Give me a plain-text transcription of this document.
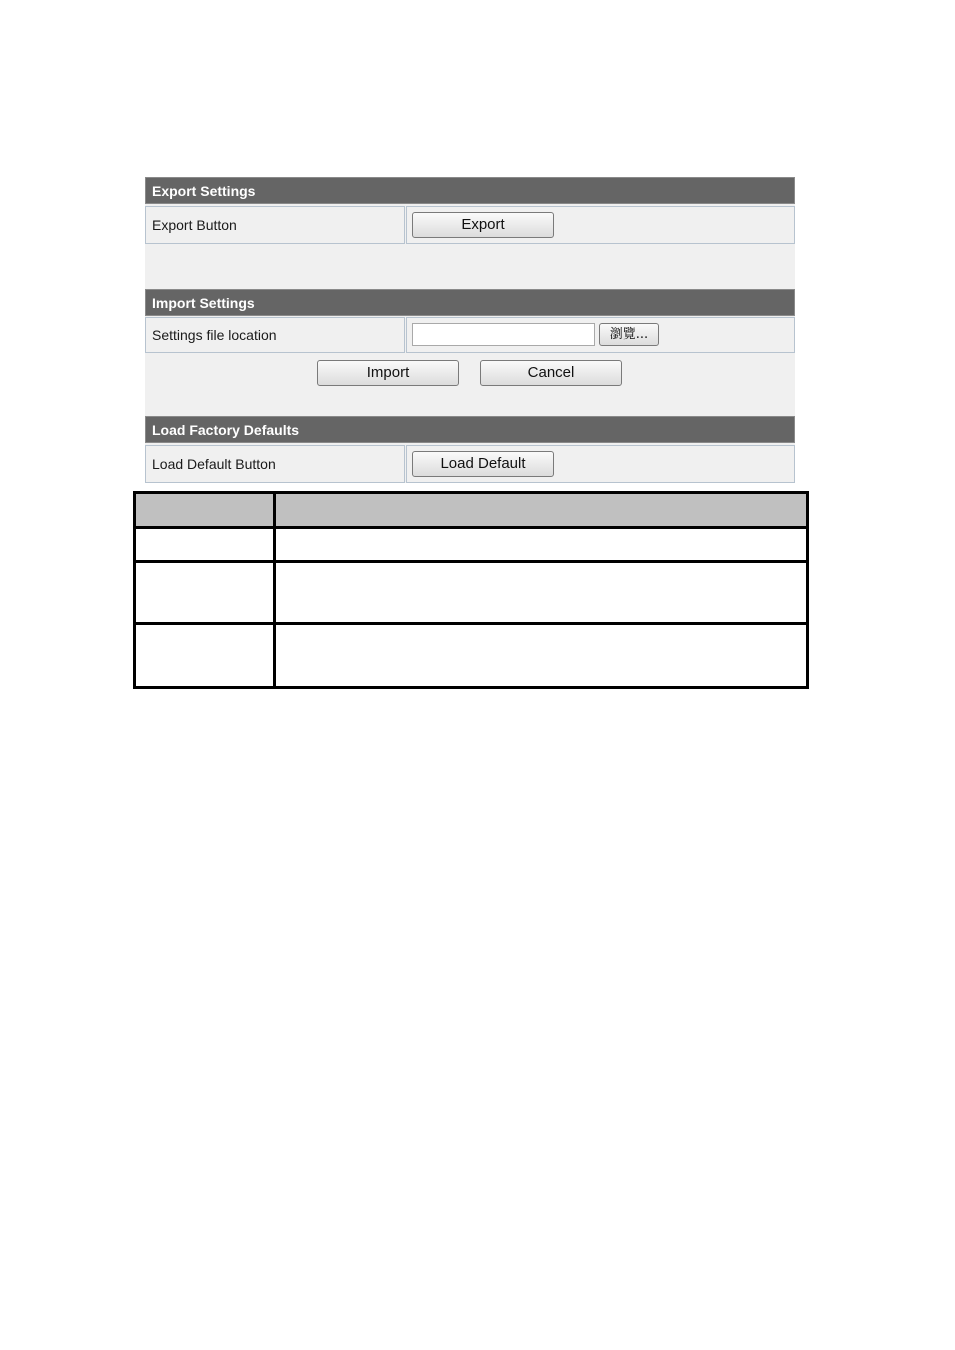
Export Settings
Export Button	Export
Import Settings
Settings file location	瀏覽...
Import	Cancel
Load Factory Defaults
Load Default Button	Load Default
